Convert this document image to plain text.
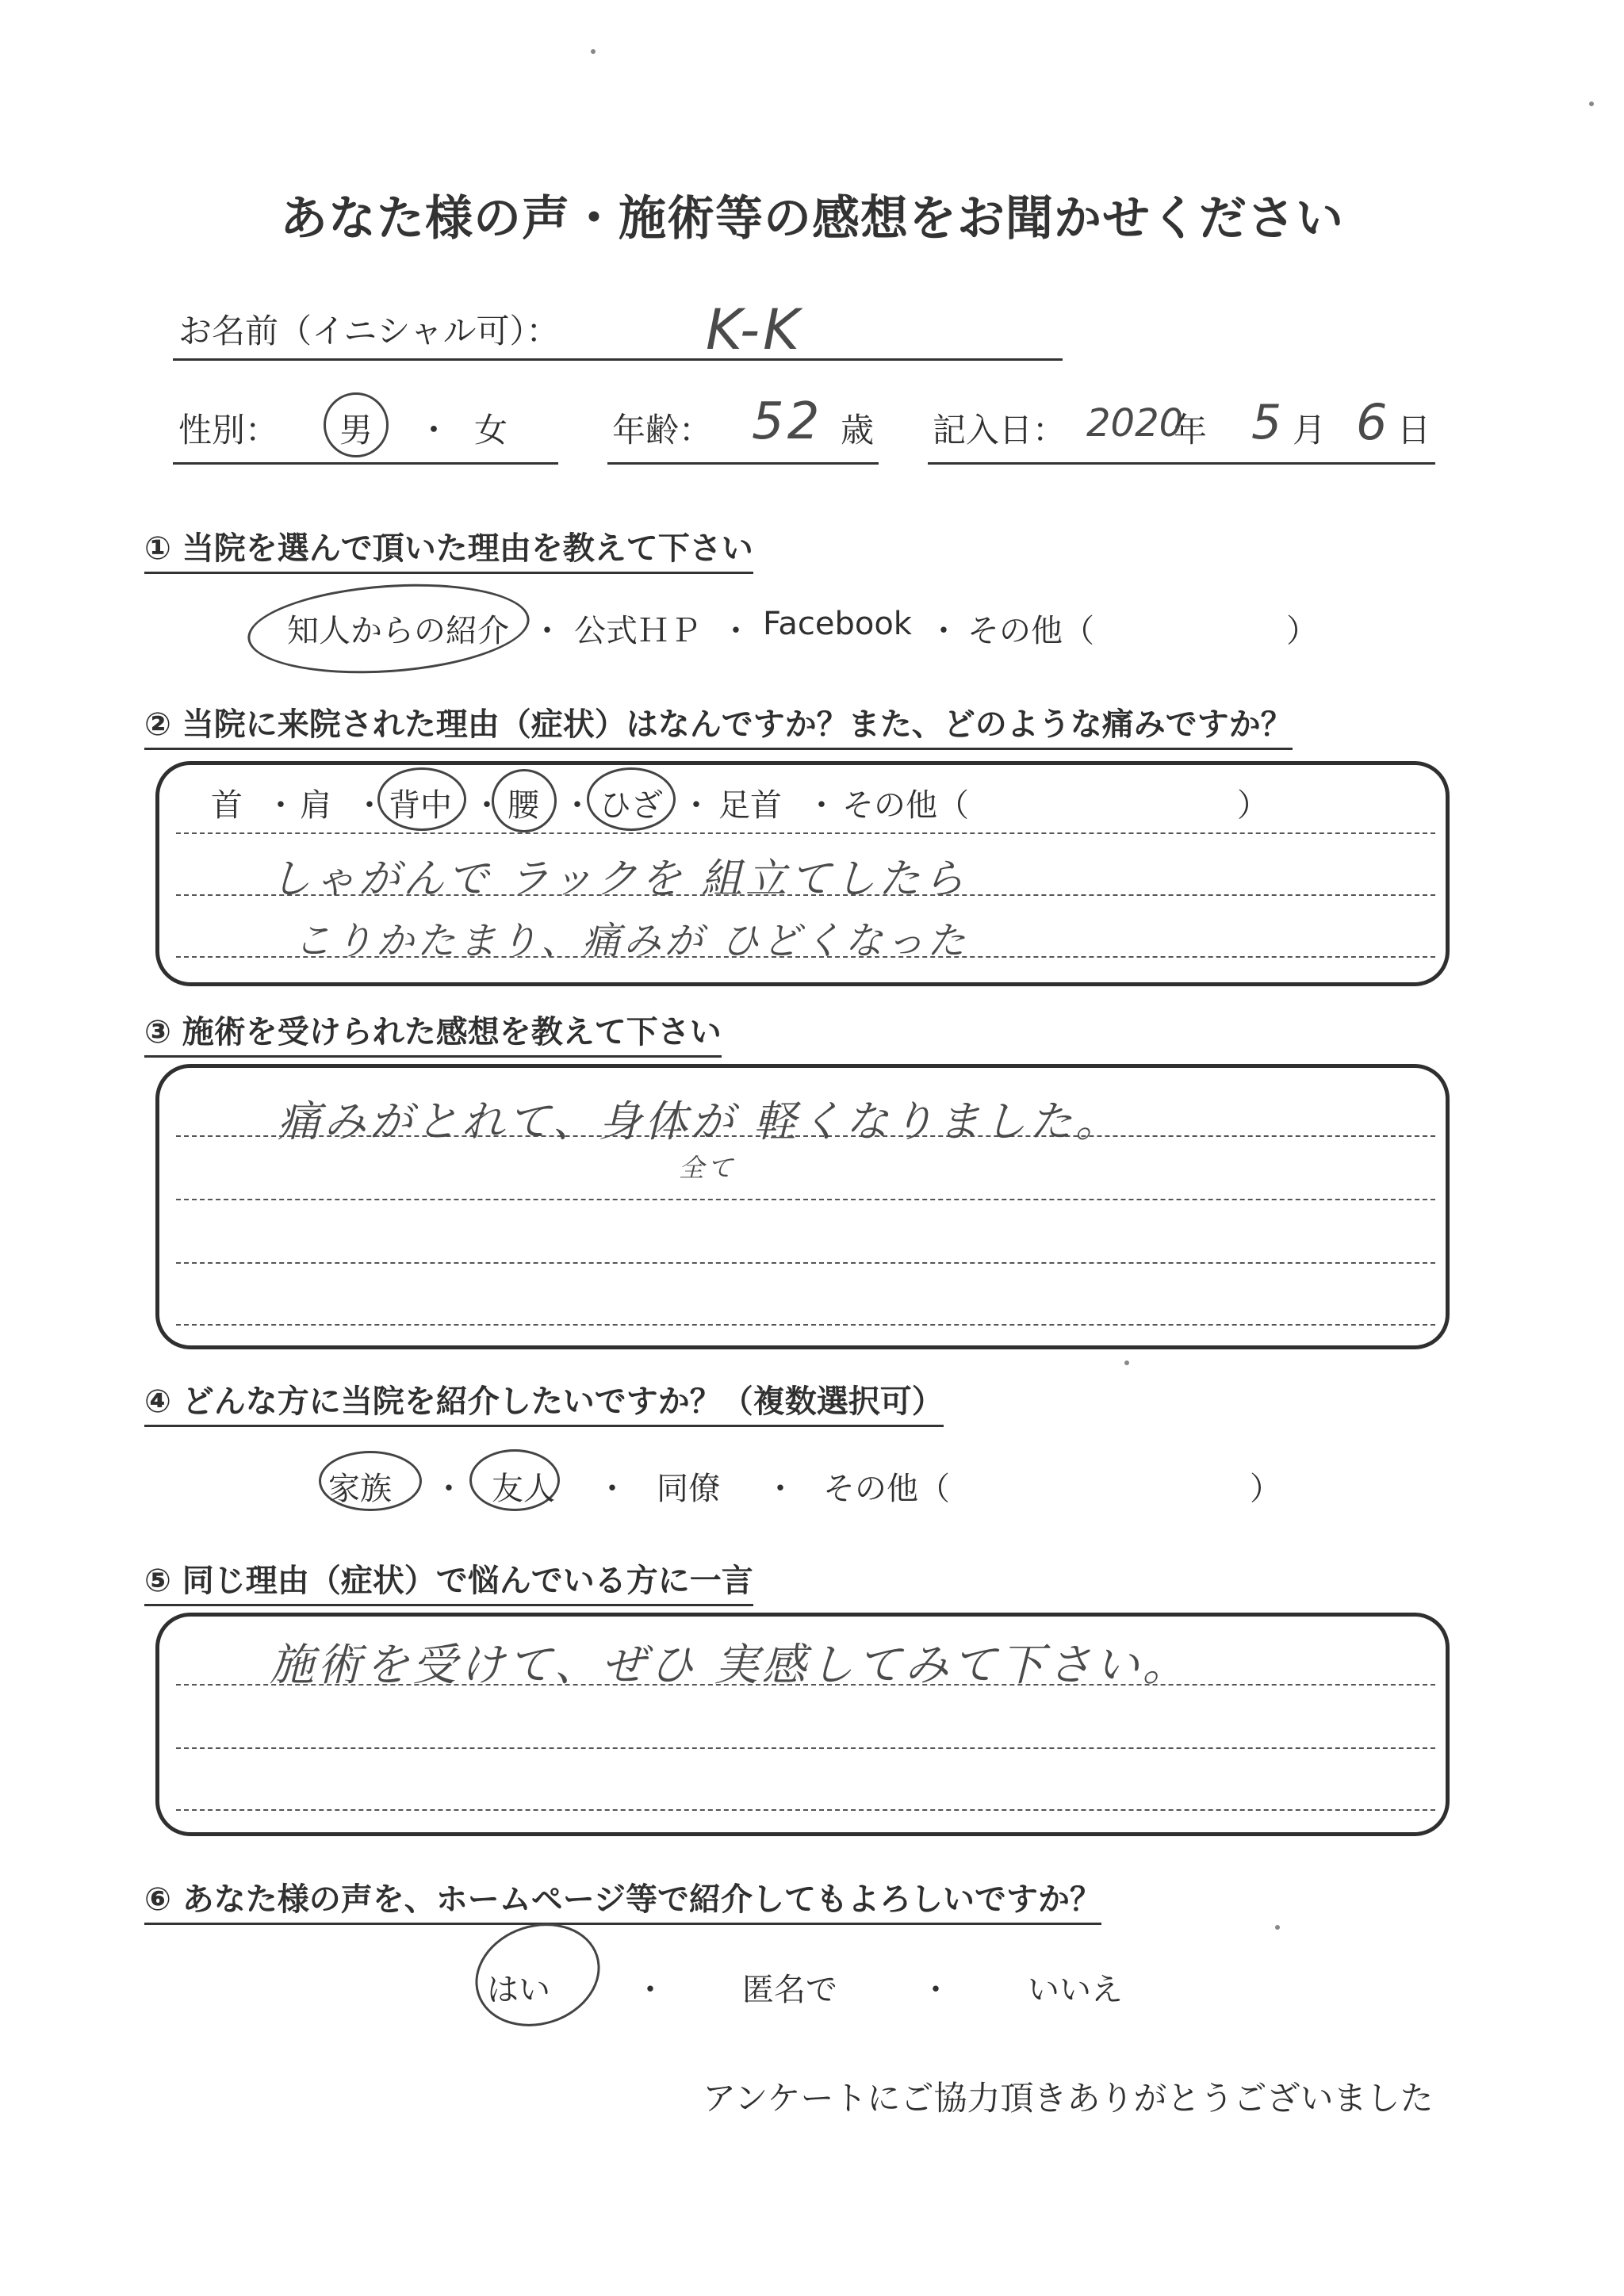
あなた様の声・施術等の感想をお聞かせください
お名前（イニシャル可）：	K-K
性別： 男 ・ 女	年齢： 52 歳 記入日： 2020
年 5 月 6 日
① 当院を選んで頂いた理由を教えて下さい
知人からの紹介 ・ 公式ＨＰ ・ Facebook ・ その他（	）
② 当院に来院された理由（症状）はなんですか？また、どのような痛みですか？
首 ・ 肩 ・ 背中 ・ 腰 ・ ひざ ・ 足首 ・ その他（	）
しゃがんで ラックを 組立てしたら
こりかたまり、痛みが ひどくなった
③ 施術を受けられた感想を教えて下さい
痛みがとれて、身体が 軽くなりました。
全て
④ どんな方に当院を紹介したいですか？（複数選択可）
家族 ・ 友人 ・ 同僚 ・ その他（	）
⑤ 同じ理由（症状）で悩んでいる方に一言
施術を受けて、ぜひ 実感してみて下さい。
⑥ あなた様の声を、ホームページ等で紹介してもよろしいですか？
はい	・ 匿名で	・ いいえ
アンケートにご協力頂きありがとうございました
